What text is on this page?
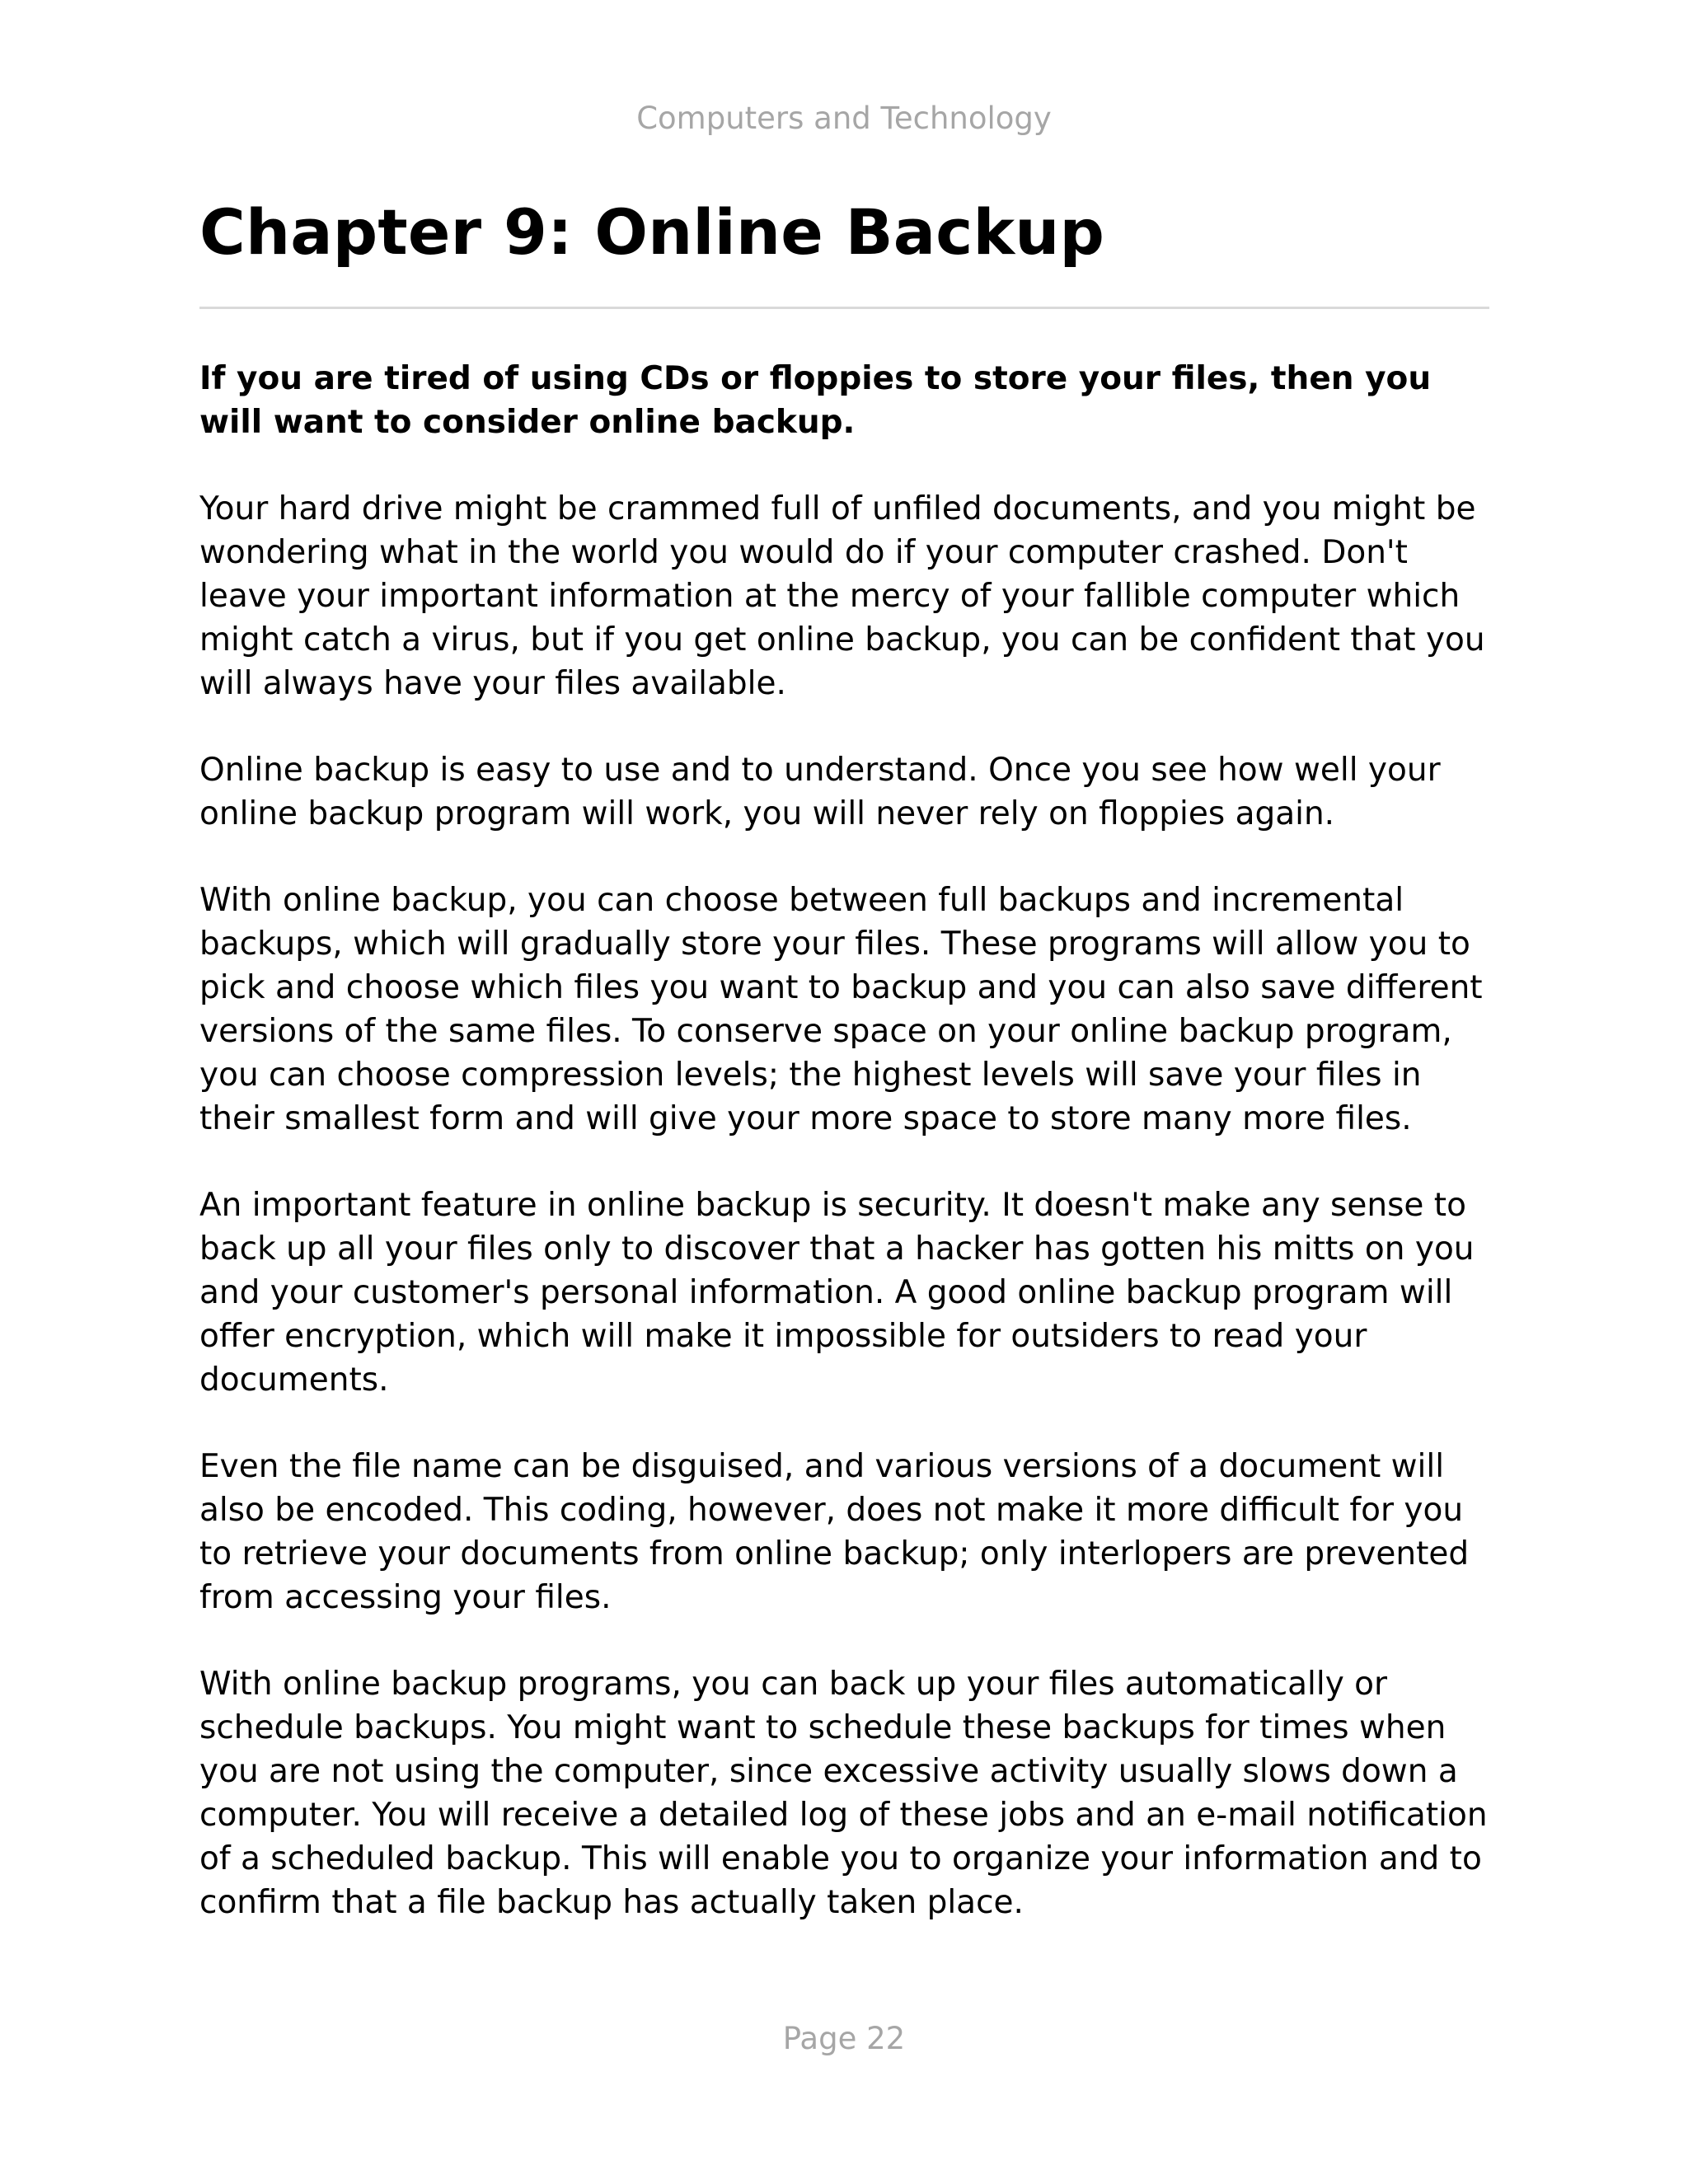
Computers and Technology
Chapter 9: Online Backup

If you are tired of using CDs or floppies to store your files, then you will want to consider online backup.

Your hard drive might be crammed full of unfiled documents, and you might be wondering what in the world you would do if your computer crashed. Don't leave your important information at the mercy of your fallible computer which might catch a virus, but if you get online backup, you can be confident that you will always have your files available.

Online backup is easy to use and to understand. Once you see how well your online backup program will work, you will never rely on floppies again.

With online backup, you can choose between full backups and incremental backups, which will gradually store your files. These programs will allow you to pick and choose which files you want to backup and you can also save different versions of the same files. To conserve space on your online backup program, you can choose compression levels; the highest levels will save your files in their smallest form and will give your more space to store many more files.

An important feature in online backup is security. It doesn't make any sense to back up all your files only to discover that a hacker has gotten his mitts on you and your customer's personal information. A good online backup program will offer encryption, which will make it impossible for outsiders to read your documents.

Even the file name can be disguised, and various versions of a document will also be encoded. This coding, however, does not make it more difficult for you to retrieve your documents from online backup; only interlopers are prevented from accessing your files.

With online backup programs, you can back up your files automatically or schedule backups. You might want to schedule these backups for times when you are not using the computer, since excessive activity usually slows down a computer. You will receive a detailed log of these jobs and an e-mail notification of a scheduled backup. This will enable you to organize your information and to confirm that a file backup has actually taken place.

Page 22
